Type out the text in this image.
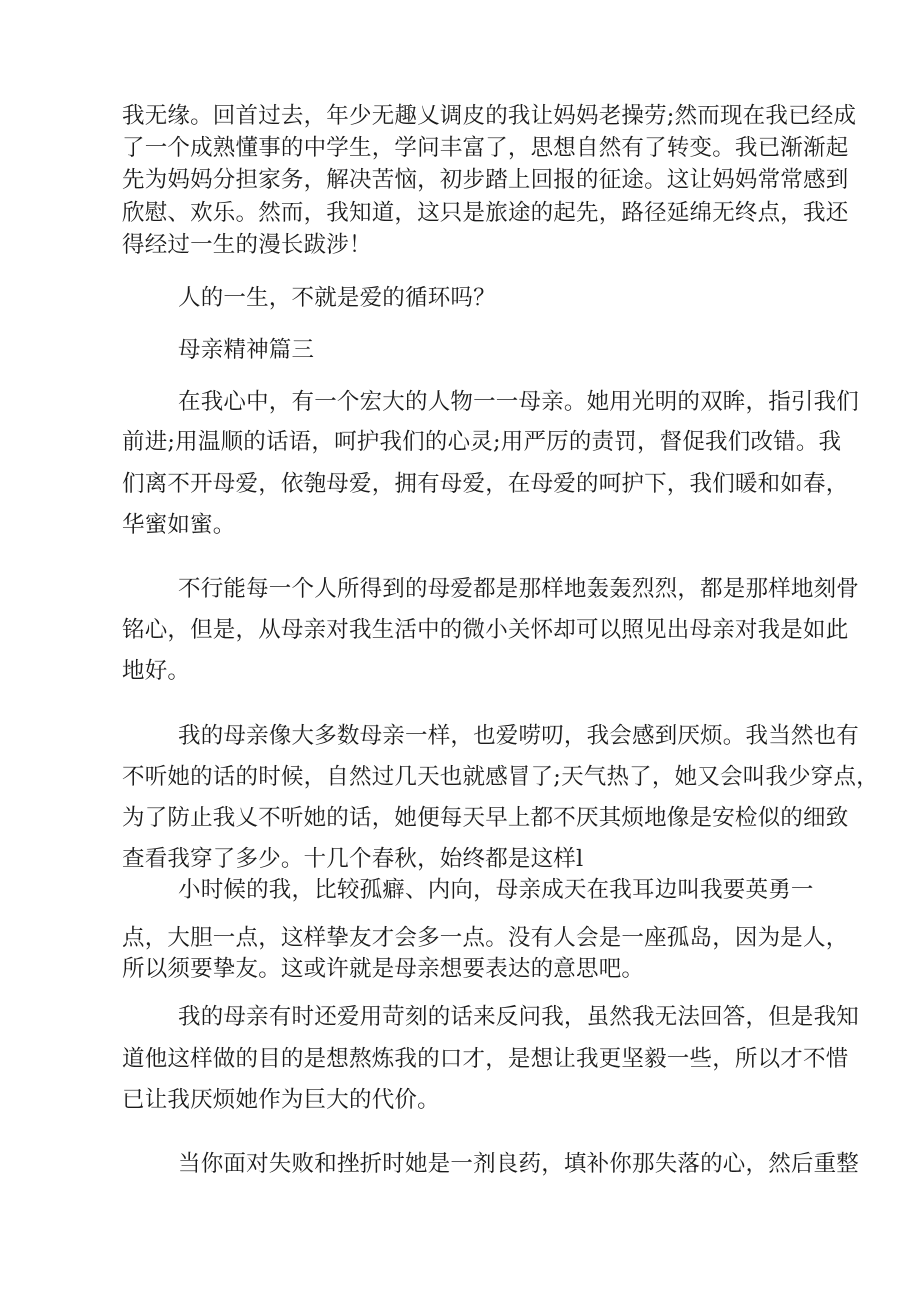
我无缘。回首过去，年少无趣乂调皮的我让妈妈老操劳;然而现在我已经成
了一个成熟懂事的中学生，学问丰富了，思想自然有了转变。我已渐渐起
先为妈妈分担家务，解决苦恼，初步踏上回报的征途。这让妈妈常常感到
欣慰、欢乐。然而，我知道，这只是旅途的起先，路径延绵无终点，我还
得经过一生的漫长跋涉！
人的一生，不就是爱的循环吗？
母亲精神篇三
在我心中，有一个宏大的人物一一母亲。她用光明的双眸，指引我们
前进;用温顺的话语，呵护我们的心灵;用严厉的责罚，督促我们改错。我
们离不开母爱，依匏母爱，拥有母爱，在母爱的呵护下，我们暖和如春，
华蜜如蜜。
不行能每一个人所得到的母爱都是那样地轰轰烈烈，都是那样地刻骨
铭心，但是，从母亲对我生活中的微小关怀却可以照见出母亲对我是如此
地好。
我的母亲像大多数母亲一样，也爱唠叨，我会感到厌烦。我当然也有
不听她的话的时候，自然过几天也就感冒了;天气热了，她又会叫我少穿点，
为了防止我乂不听她的话，她便每天早上都不厌其烦地像是安检似的细致
查看我穿了多少。十几个春秋，始终都是这样l
小时候的我，比较孤癖、内向，母亲成天在我耳边叫我要英勇一
点，大胆一点，这样挚友才会多一点。没有人会是一座孤岛，因为是人，
所以须要挚友。这或许就是母亲想要表达的意思吧。
我的母亲有时还爱用苛刻的话来反问我，虽然我无法回答，但是我知
道他这样做的目的是想熬炼我的口才，是想让我更坚毅一些，所以才不惜
已让我厌烦她作为巨大的代价。
当你面对失败和挫折时她是一剂良药，填补你那失落的心，然后重整
